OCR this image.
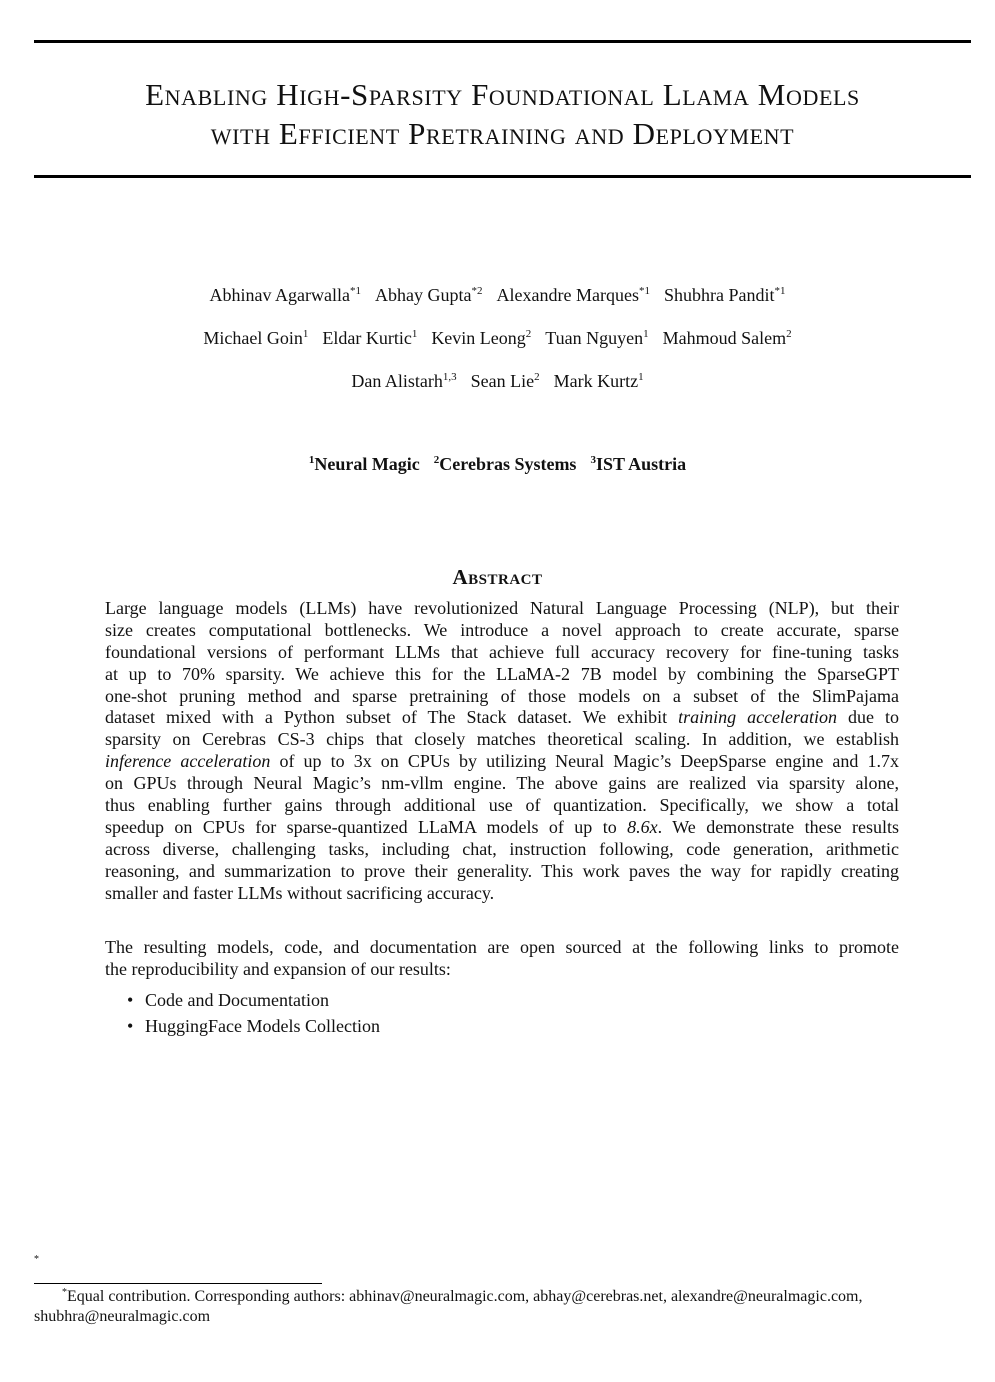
Enabling High-Sparsity Foundational Llama Models
with Efficient Pretraining and Deployment
Abhinav Agarwalla$^{*1}$ Abhay Gupta$^{*2}$ Alexandre Marques$^{*1}$ Shubhra Pandit$^{*1}$
Michael Goin$^1$ Eldar Kurtic$^1$ Kevin Leong$^2$ Tuan Nguyen$^1$ Mahmoud Salem$^2$
Dan Alistarh$^{1,3}$ Sean Lie$^2$ Mark Kurtz$^1$
$^1$Neural Magic $^2$Cerebras Systems $^3$IST Austria
Abstract
Large language models (LLMs) have revolutionized Natural Language Processing (NLP), but their
size creates computational bottlenecks. We introduce a novel approach to create accurate, sparse
foundational versions of performant LLMs that achieve full accuracy recovery for fine-tuning tasks
at up to 70% sparsity. We achieve this for the LLaMA-2 7B model by combining the SparseGPT
one-shot pruning method and sparse pretraining of those models on a subset of the SlimPajama
dataset mixed with a Python subset of The Stack dataset. We exhibit training acceleration due to
sparsity on Cerebras CS-3 chips that closely matches theoretical scaling. In addition, we establish
inference acceleration of up to 3x on CPUs by utilizing Neural Magic’s DeepSparse engine and 1.7x
on GPUs through Neural Magic’s nm-vllm engine. The above gains are realized via sparsity alone,
thus enabling further gains through additional use of quantization. Specifically, we show a total
speedup on CPUs for sparse-quantized LLaMA models of up to 8.6x. We demonstrate these results
across diverse, challenging tasks, including chat, instruction following, code generation, arithmetic
reasoning, and summarization to prove their generality. This work paves the way for rapidly creating
smaller and faster LLMs without sacrificing accuracy.
The resulting models, code, and documentation are open sourced at the following links to promote
the reproducibility and expansion of our results:
• Code and Documentation
• HuggingFace Models Collection
*
*Equal contribution. Corresponding authors: abhinav@neuralmagic.com, abhay@cerebras.net, alexandre@neuralmagic.com,
shubhra@neuralmagic.com
